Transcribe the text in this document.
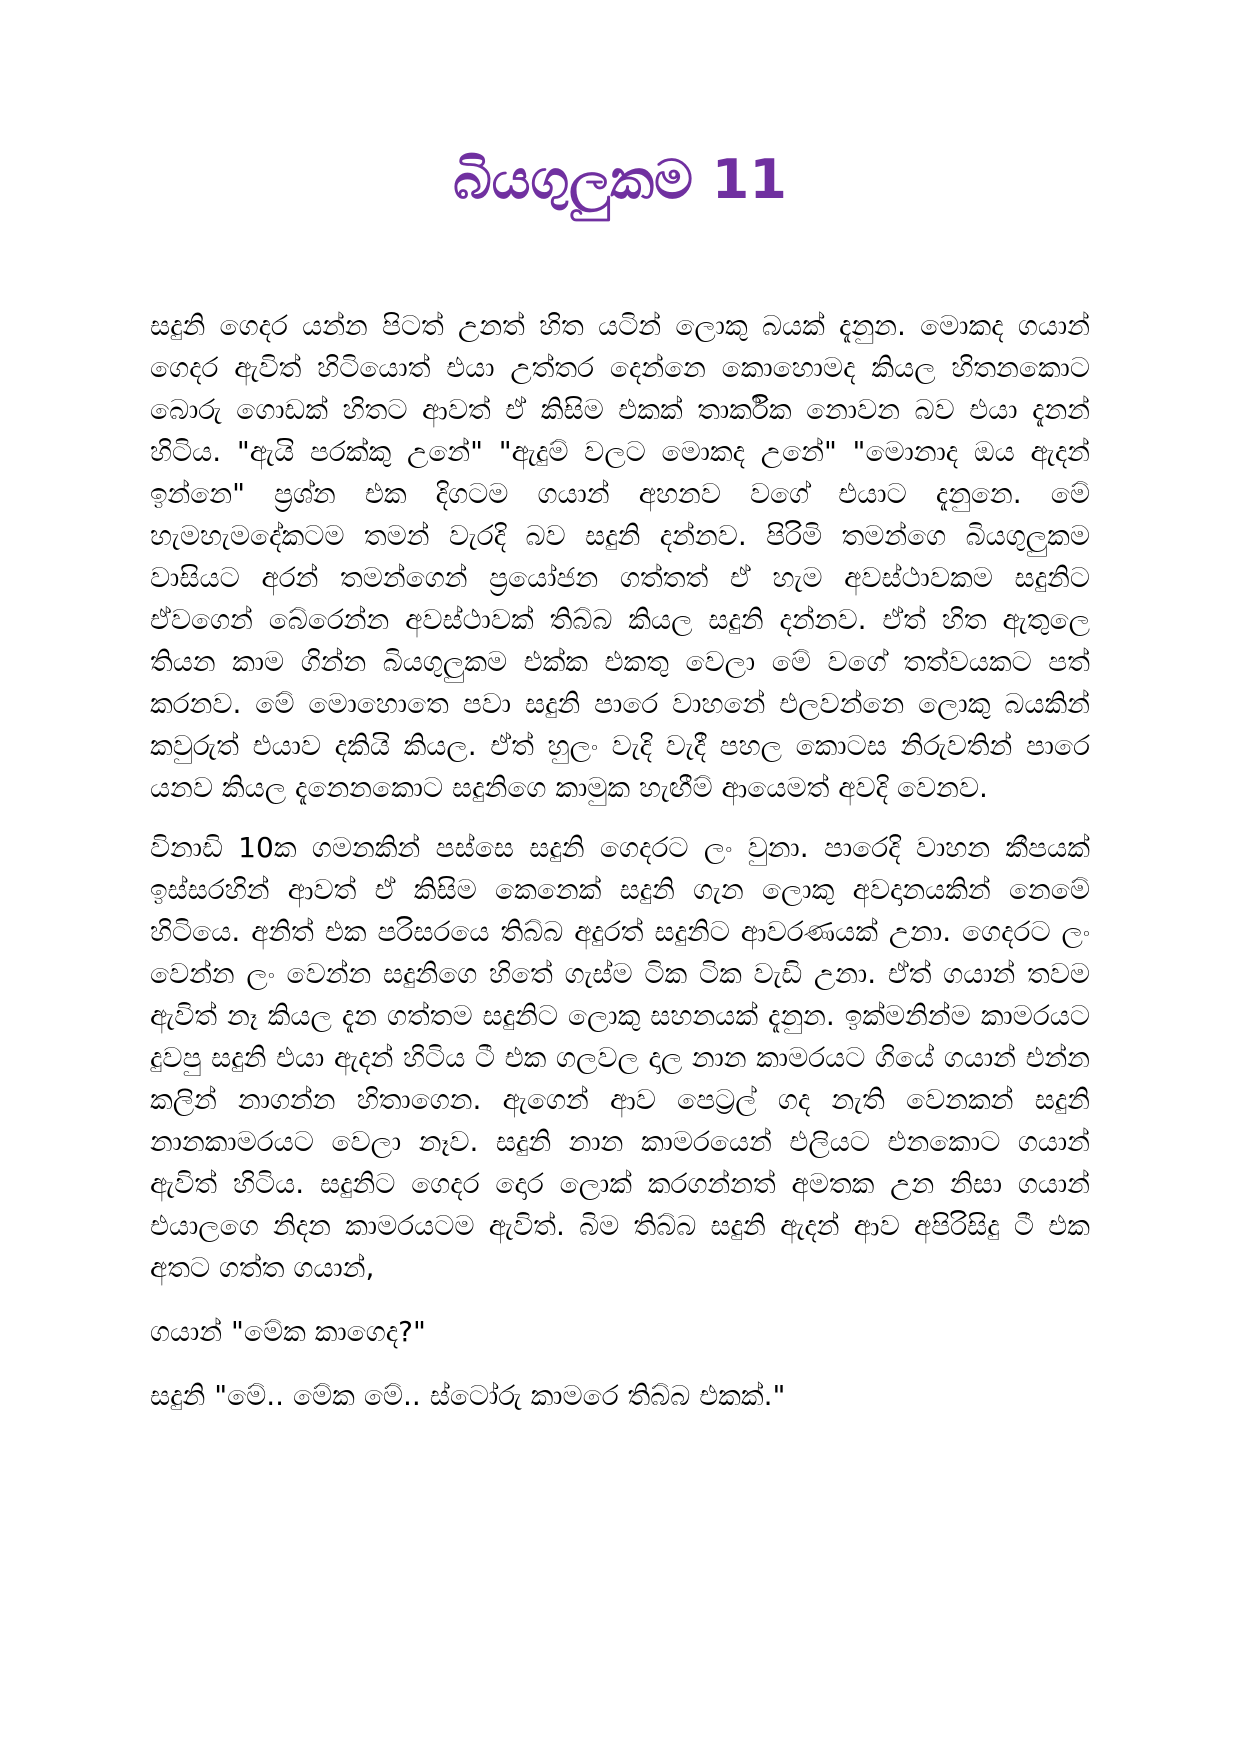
බියගුලුකම 11

සදුනි ගෙදර යන්න පිටත් උනත් හිත යටින් ලොකු බයක් දැනුන. මොකද ගයාන් ගෙදර ඇවිත් හිටියොත් එයා උත්තර දෙන්නෙ කොහොමද කියල හිතනකොට බොරු ගොඩක් හිතට ආවත් ඒ කිසිම එකක් තාර්කික නොවන බව එයා දැනන් හිටිය. "ඇයි පරක්කු උනේ" "ඇදුම් වලට මොකද උනේ" "මොනාද ඔය ඇදන් ඉන්නෙ" ප්‍රශ්න එක දිගටම ගයාන් අහනව වගේ එයාට දැනුනෙ. මේ හැමහැමදේකටම තමන් වැරදි බව සදුනි දන්නව. පිරිමි තමන්ගෙ බියගුලුකම වාසියට අරන් තමන්ගෙන් ප්‍රයෝජන ගත්තත් ඒ හැම අවස්ථාවකම සදුනිට ඒවගෙන් බේරෙන්න අවස්ථාවක් තිබ්බ කියල සදුනි දන්නව. ඒත් හිත ඇතුලෙ තියන කාම ගින්න බියගුලුකම එක්ක එකතු වෙලා මේ වගේ තත්වයකට පත් කරනව. මේ මොහොතෙ පවා සදුනි පාරෙ වාහනේ එලවන්නෙ ලොකු බයකින් කවුරුත් එයාව දකියි කියල. ඒත් හුලං වැදි වැදී පහල කොටස නිරුවතින් පාරෙ යනව කියල දැනෙනකොට සදුනිගෙ කාමුක හැඟීම් ආයෙමත් අවදි වෙනව.

විනාඩි 10ක ගමනකින් පස්සෙ සදුනි ගෙදරට ලං වුනා. පාරෙදි වාහන කීපයක් ඉස්සරහින් ආවත් ඒ කිසිම කෙනෙක් සදුනි ගැන ලොකු අවදානයකින් නෙමේ හිටියෙ. අනිත් එක පරිසරයෙ තිබ්බ අදුරත් සදුනිට ආවරණයක් උනා. ගෙදරට ලං වෙන්න ලං වෙන්න සදුනිගෙ හිතේ ගැස්ම ටික ටික වැඩි උනා. ඒත් ගයාන් තවම ඇවිත් නෑ කියල දැන ගත්තම සදුනිට ලොකු සහනයක් දැනුන. ඉක්මනින්ම කාමරයට දුවපු සදුනි එයා ඇදන් හිටිය ටී එක ගලවල දාල නාන කාමරයට ගියේ ගයාන් එන්න කලින් නාගන්න හිතාගෙන. ඇගෙන් ආව පෙට්‍රල් ගද නැති වෙනකන් සදුනි නානකාමරයට වෙලා නෑව. සදුනි නාන කාමරයෙන් එලියට එනකොට ගයාන් ඇවිත් හිටිය. සදුනිට ගෙදර දොර ලොක් කරගන්නත් අමතක උන නිසා ගයාන් එයාලගෙ නිදන කාමරයටම ඇවිත්. බිම තිබ්බ සදුනි ඇදන් ආව අපිරිසිදු ටී එක අතට ගත්ත ගයාන්,

ගයාන් "මේක කාගෙද?"

සදුනි "මේ.. මේක මේ.. ස්ටෝරු කාමරෙ තිබ්බ එකක්."
